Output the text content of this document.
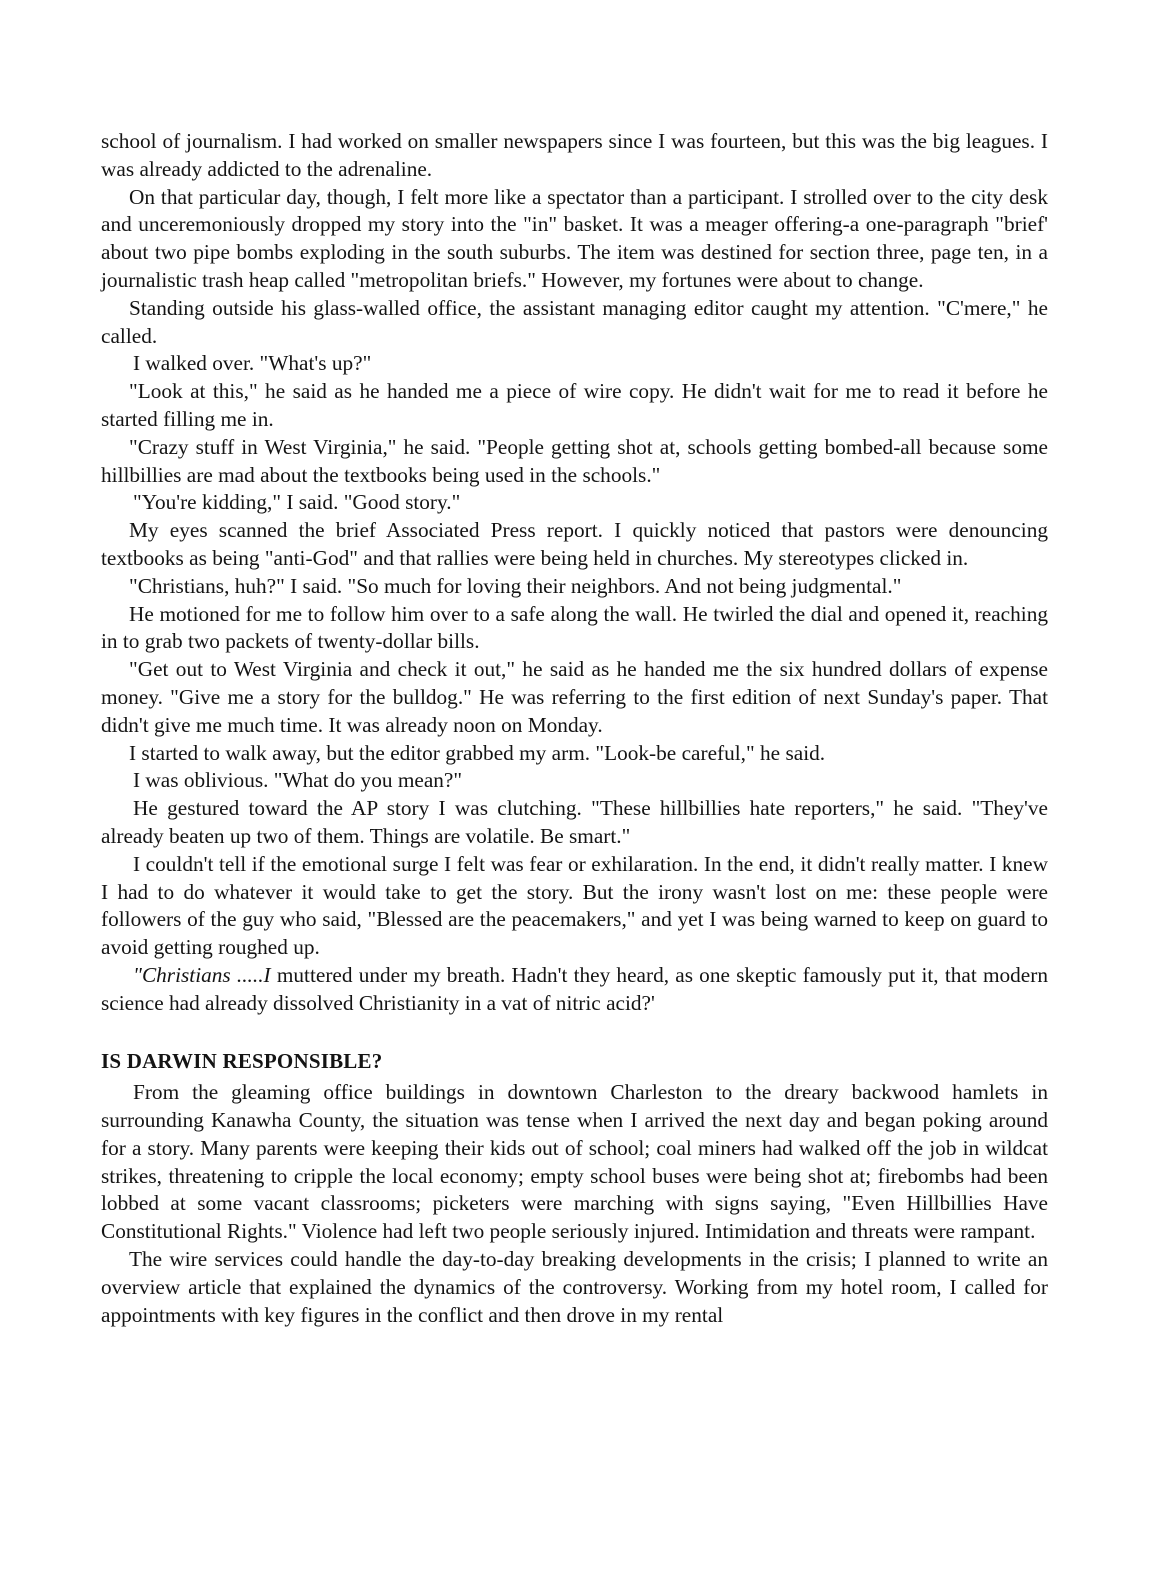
school of journalism. I had worked on smaller newspapers since I was fourteen, but this was the big leagues. I was already addicted to the adrenaline.

On that particular day, though, I felt more like a spectator than a participant. I strolled over to the city desk and unceremoniously dropped my story into the "in" basket. It was a meager offering-a one-paragraph "brief' about two pipe bombs exploding in the south suburbs. The item was destined for section three, page ten, in a journalistic trash heap called "metropolitan briefs." However, my fortunes were about to change.

Standing outside his glass-walled office, the assistant managing editor caught my attention. "C'mere," he called.

I walked over. "What's up?"

"Look at this," he said as he handed me a piece of wire copy. He didn't wait for me to read it before he started filling me in.

"Crazy stuff in West Virginia," he said. "People getting shot at, schools getting bombed-all because some hillbillies are mad about the textbooks being used in the schools."

"You're kidding," I said. "Good story."

My eyes scanned the brief Associated Press report. I quickly noticed that pastors were denouncing textbooks as being "anti-God" and that rallies were being held in churches. My stereotypes clicked in.

"Christians, huh?" I said. "So much for loving their neighbors. And not being judgmental."

He motioned for me to follow him over to a safe along the wall. He twirled the dial and opened it, reaching in to grab two packets of twenty-dollar bills.

"Get out to West Virginia and check it out," he said as he handed me the six hundred dollars of expense money. "Give me a story for the bulldog." He was referring to the first edition of next Sunday's paper. That didn't give me much time. It was already noon on Monday.

I started to walk away, but the editor grabbed my arm. "Look-be careful," he said.

I was oblivious. "What do you mean?"

He gestured toward the AP story I was clutching. "These hillbillies hate reporters," he said. "They've already beaten up two of them. Things are volatile. Be smart."

I couldn't tell if the emotional surge I felt was fear or exhilaration. In the end, it didn't really matter. I knew I had to do whatever it would take to get the story. But the irony wasn't lost on me: these people were followers of the guy who said, "Blessed are the peacemakers," and yet I was being warned to keep on guard to avoid getting roughed up.

"Christians .....I muttered under my breath. Hadn't they heard, as one skeptic famously put it, that modern science had already dissolved Christianity in a vat of nitric acid?'

IS DARWIN RESPONSIBLE?

From the gleaming office buildings in downtown Charleston to the dreary backwood hamlets in surrounding Kanawha County, the situation was tense when I arrived the next day and began poking around for a story. Many parents were keeping their kids out of school; coal miners had walked off the job in wildcat strikes, threatening to cripple the local economy; empty school buses were being shot at; firebombs had been lobbed at some vacant classrooms; picketers were marching with signs saying, "Even Hillbillies Have Constitutional Rights." Violence had left two people seriously injured. Intimidation and threats were rampant.

The wire services could handle the day-to-day breaking developments in the crisis; I planned to write an overview article that explained the dynamics of the controversy. Working from my hotel room, I called for appointments with key figures in the conflict and then drove in my rental
